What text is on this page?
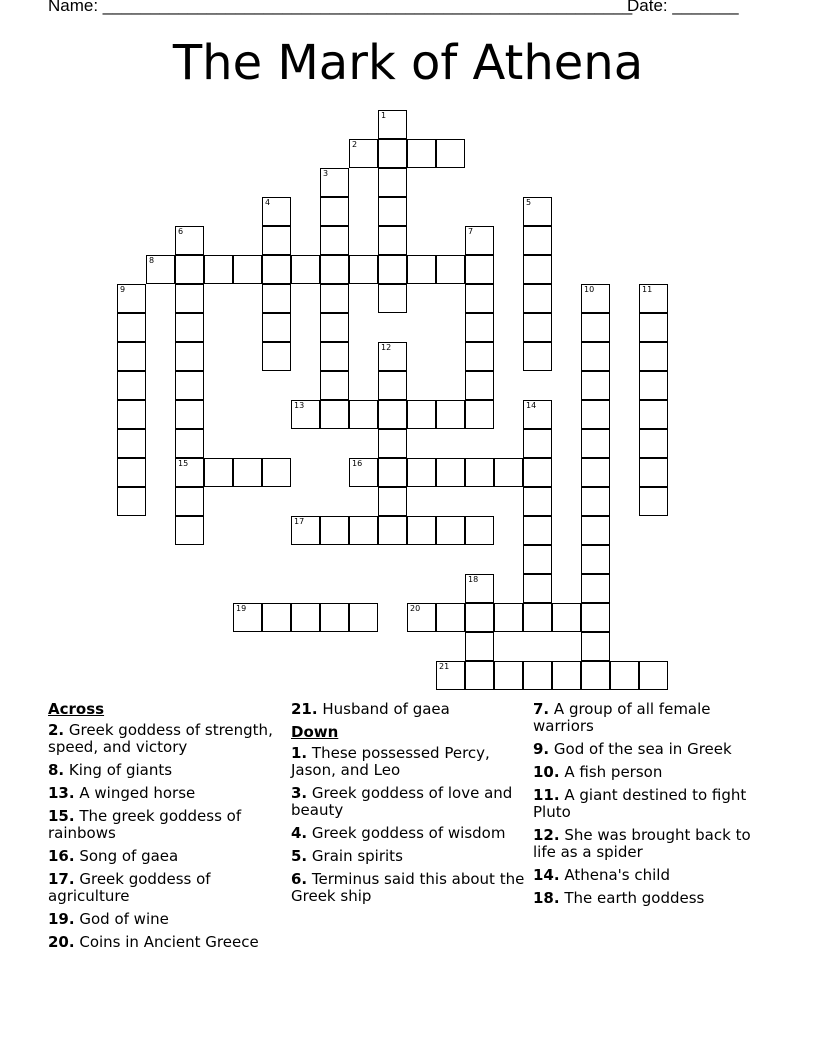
Name: ________________________________________________________
Date: _______
The Mark of Athena
1
2
3
4	5
6
15
7
8
9	10	11
12
13	14
16
17
18
19	20
21
Across
2. Greek goddess of strength, speed, and victory
8. King of giants
13. A winged horse
15. The greek goddess of rainbows
16. Song of gaea
17. Greek goddess of agriculture
19. God of wine
20. Coins in Ancient Greece
21. Husband of gaea
Down
1. These possessed Percy, Jason, and Leo
3. Greek goddess of love and beauty
4. Greek goddess of wisdom
5. Grain spirits
6. Terminus said this about the Greek ship
7. A group of all female warriors
9. God of the sea in Greek
10. A fish person
11. A giant destined to fight Pluto
12. She was brought back to life as a spider
14. Athena's child
18. The earth goddess
